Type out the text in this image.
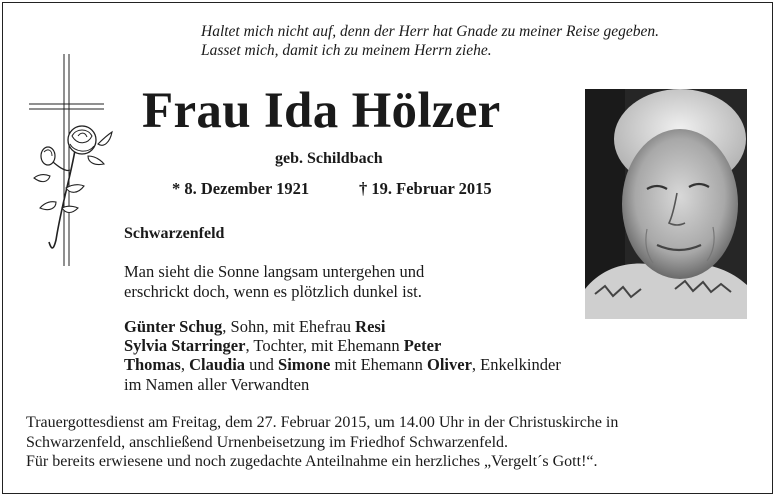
Haltet mich nicht auf, denn der Herr hat Gnade zu meiner Reise gegeben.
Lasset mich, damit ich zu meinem Herrn ziehe.
Frau Ida Hölzer
geb. Schildbach
* 8. Dezember 1921	† 19. Februar 2015
Schwarzenfeld
Man sieht die Sonne langsam untergehen und
erschrickt doch, wenn es plötzlich dunkel ist.
Günter Schug, Sohn, mit Ehefrau Resi
Sylvia Starringer, Tochter, mit Ehemann Peter
Thomas, Claudia und Simone mit Ehemann Oliver, Enkelkinder
im Namen aller Verwandten
Trauergottesdienst am Freitag, dem 27. Februar 2015, um 14.00 Uhr in der Christuskirche in
Schwarzenfeld, anschließend Urnenbeisetzung im Friedhof Schwarzenfeld.
Für bereits erwiesene und noch zugedachte Anteilnahme ein herzliches „Vergelt´s Gott!“.
